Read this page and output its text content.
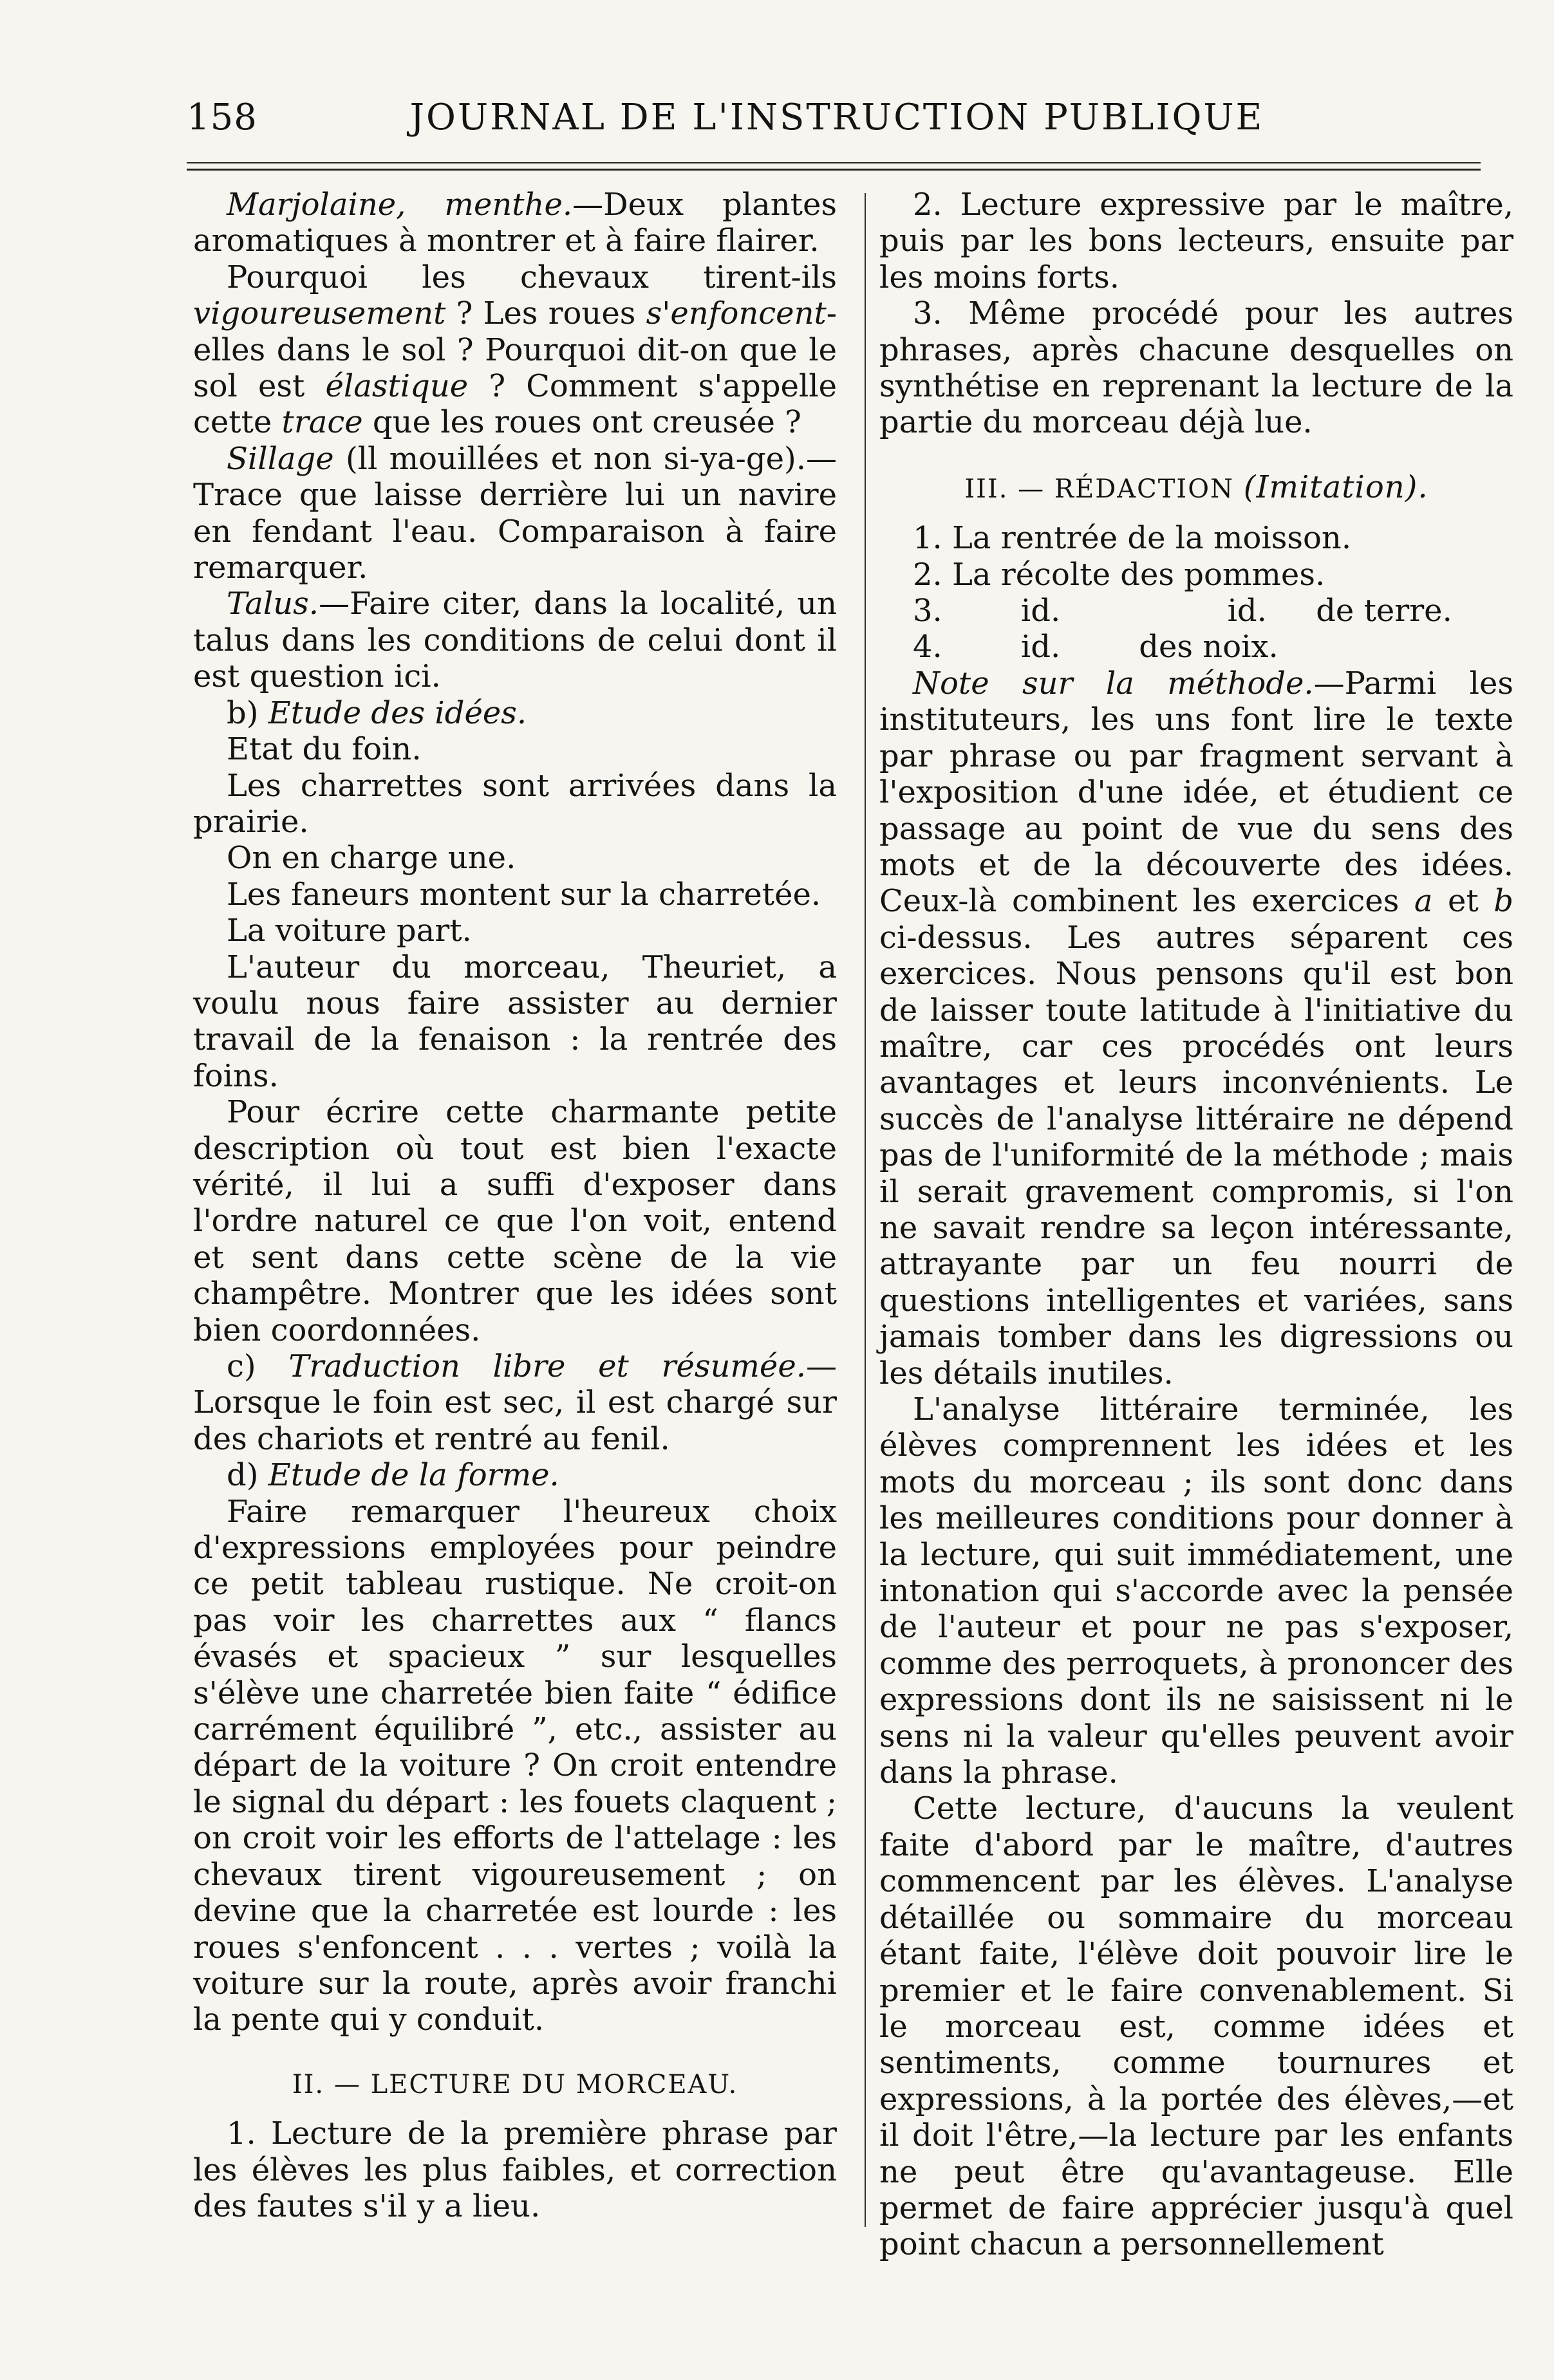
158	JOURNAL DE L'INSTRUCTION PUBLIQUE

Marjolaine, menthe.—Deux plantes aromatiques à montrer et à faire flairer.

Pourquoi les chevaux tirent-ils vigoureusement ? Les roues s'enfoncent-elles dans le sol ? Pourquoi dit-on que le sol est élastique ? Comment s'appelle cette trace que les roues ont creusée ?

Sillage (ll mouillées et non si-ya-ge).—Trace que laisse derrière lui un navire en fendant l'eau. Comparaison à faire remarquer.

Talus.—Faire citer, dans la localité, un talus dans les conditions de celui dont il est question ici.

b) Etude des idées.

Etat du foin.

Les charrettes sont arrivées dans la prairie.

On en charge une.

Les faneurs montent sur la charretée.

La voiture part.

L'auteur du morceau, Theuriet, a voulu nous faire assister au dernier travail de la fenaison : la rentrée des foins.

Pour écrire cette charmante petite description où tout est bien l'exacte vérité, il lui a suffi d'exposer dans l'ordre naturel ce que l'on voit, entend et sent dans cette scène de la vie champêtre. Montrer que les idées sont bien coordonnées.

c) Traduction libre et résumée.—Lorsque le foin est sec, il est chargé sur des chariots et rentré au fenil.

d) Etude de la forme.

Faire remarquer l'heureux choix d'expressions employées pour peindre ce petit tableau rustique. Ne croit-on pas voir les charrettes aux “ flancs évasés et spacieux ” sur lesquelles s'élève une charretée bien faite “ édifice carrément équilibré ”, etc., assister au départ de la voiture ? On croit entendre le signal du départ : les fouets claquent ; on croit voir les efforts de l'attelage : les chevaux tirent vigoureusement ; on devine que la charretée est lourde : les roues s'enfoncent . . . vertes ; voilà la voiture sur la route, après avoir franchi la pente qui y conduit.

II. — LECTURE DU MORCEAU.

1. Lecture de la première phrase par les élèves les plus faibles, et correction des fautes s'il y a lieu.

2. Lecture expressive par le maître, puis par les bons lecteurs, ensuite par les moins forts.

3. Même procédé pour les autres phrases, après chacune desquelles on synthétise en reprenant la lecture de la partie du morceau déjà lue.

III. — RÉDACTION (Imitation).

1. La rentrée de la moisson.

2. La récolte des pommes.

3.        id.                 id.     de terre.

4.        id.        des noix.

Note sur la méthode.—Parmi les instituteurs, les uns font lire le texte par phrase ou par fragment servant à l'exposition d'une idée, et étudient ce passage au point de vue du sens des mots et de la découverte des idées. Ceux-là combinent les exercices a et b ci-dessus. Les autres séparent ces exercices. Nous pensons qu'il est bon de laisser toute latitude à l'initiative du maître, car ces procédés ont leurs avantages et leurs inconvénients. Le succès de l'analyse littéraire ne dépend pas de l'uniformité de la méthode ; mais il serait gravement compromis, si l'on ne savait rendre sa leçon intéressante, attrayante par un feu nourri de questions intelligentes et variées, sans jamais tomber dans les digressions ou les détails inutiles.

L'analyse littéraire terminée, les élèves comprennent les idées et les mots du morceau ; ils sont donc dans les meilleures conditions pour donner à la lecture, qui suit immédiatement, une intonation qui s'accorde avec la pensée de l'auteur et pour ne pas s'exposer, comme des perroquets, à prononcer des expressions dont ils ne saisissent ni le sens ni la valeur qu'elles peuvent avoir dans la phrase.

Cette lecture, d'aucuns la veulent faite d'abord par le maître, d'autres commencent par les élèves. L'analyse détaillée ou sommaire du morceau étant faite, l'élève doit pouvoir lire le premier et le faire convenablement. Si le morceau est, comme idées et sentiments, comme tournures et expressions, à la portée des élèves,—et il doit l'être,—la lecture par les enfants ne peut être qu'avantageuse. Elle permet de faire apprécier jusqu'à quel point chacun a personnellement
